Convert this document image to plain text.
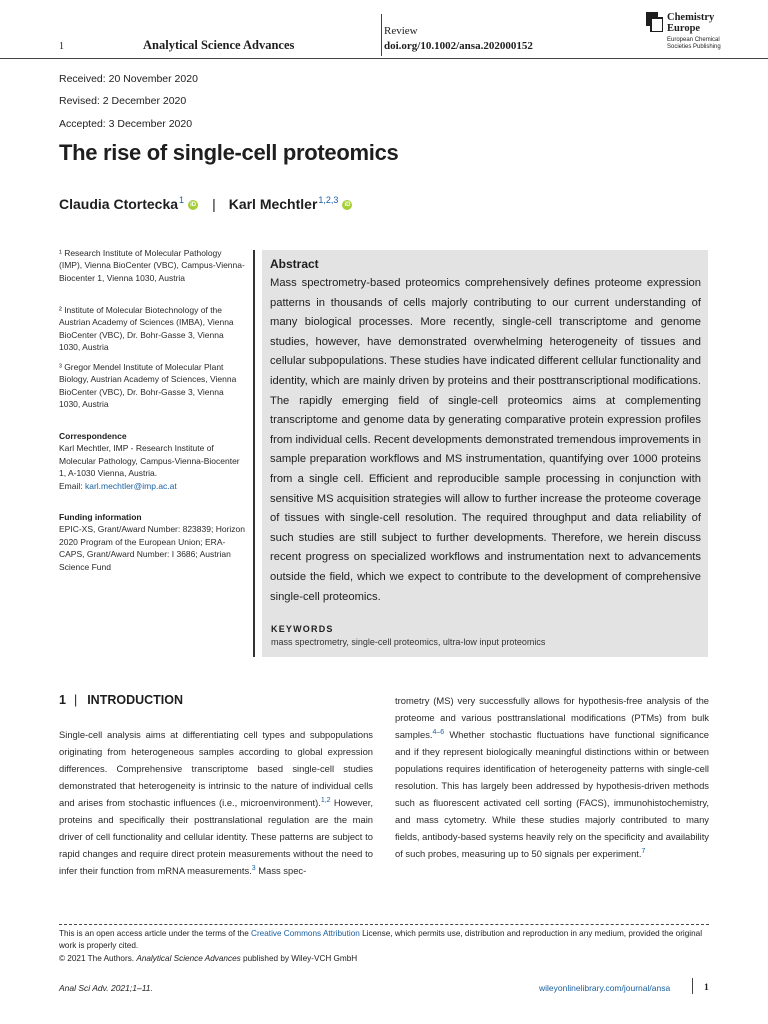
1	Analytical Science Advances
Review
doi.org/10.1002/ansa.202000152
Chemistry
Europe
European Chemical
Societies Publishing
Received: 20 November 2020
Revised: 2 December 2020
Accepted: 3 December 2020
The rise of single-cell proteomics
Claudia Ctortecka$^1$	iD | Karl Mechtler$^{1,2,3}$	iD
¹ Research Institute of Molecular Pathology (IMP), Vienna BioCenter (VBC), Campus-Vienna-Biocenter 1, Vienna 1030, Austria
² Institute of Molecular Biotechnology of the Austrian Academy of Sciences (IMBA), Vienna BioCenter (VBC), Dr. Bohr-Gasse 3, Vienna 1030, Austria
³ Gregor Mendel Institute of Molecular Plant Biology, Austrian Academy of Sciences, Vienna BioCenter (VBC), Dr. Bohr-Gasse 3, Vienna 1030, Austria
Correspondence
Karl Mechtler, IMP - Research Institute of Molecular Pathology, Campus-Vienna-Biocenter 1, A-1030 Vienna, Austria.
Email: karl.mechtler@imp.ac.at
Funding information
EPIC-XS, Grant/Award Number: 823839; Horizon 2020 Program of the European Union; ERA-CAPS, Grant/Award Number: I 3686; Austrian Science Fund
Abstract
Mass spectrometry-based proteomics comprehensively defines proteome expression patterns in thousands of cells majorly contributing to our current understanding of many biological processes. More recently, single-cell transcriptome and genome studies, however, have demonstrated overwhelming heterogeneity of tissues and cellular subpopulations. These studies have indicated different cellular functionality and identity, which are mainly driven by proteins and their posttranscriptional modifications. The rapidly emerging field of single-cell proteomics aims at complementing transcriptome and genome data by generating comparative protein expression profiles from individual cells. Recent developments demonstrated tremendous improvements in sample preparation workflows and MS instrumentation, quantifying over 1000 proteins from a single cell. Efficient and reproducible sample processing in conjunction with sensitive MS acquisition strategies will allow to further increase the proteome coverage of tissues with single-cell resolution. The required throughput and data reliability of such studies are still subject to further developments. Therefore, we herein discuss recent progress on specialized workflows and instrumentation next to advancements outside the field, which we expect to contribute to the development of comprehensive single-cell proteomics.
KEYWORDS
mass spectrometry, single-cell proteomics, ultra-low input proteomics
1 | INTRODUCTION
Single-cell analysis aims at differentiating cell types and subpopulations originating from heterogeneous samples according to global expression differences. Comprehensive transcriptome based single-cell studies demonstrated that heterogeneity is intrinsic to the nature of individual cells and arises from stochastic influences (i.e., microenvironment).$^{1,2}$ However, proteins and specifically their posttranslational regulation are the main driver of cell functionality and cellular identity. These patterns are subject to rapid changes and require direct protein measurements without the need to infer their function from mRNA measurements.$^3$ Mass spec-
trometry (MS) very successfully allows for hypothesis-free analysis of the proteome and various posttranslational modifications (PTMs) from bulk samples.$^{4-6}$ Whether stochastic fluctuations have functional significance and if they represent biologically meaningful distinctions within or between populations requires identification of heterogeneity patterns with single-cell resolution. This has largely been addressed by hypothesis-driven methods such as fluorescent activated cell sorting (FACS), immunohistochemistry, and mass cytometry. While these studies majorly contributed to many fields, antibody-based systems heavily rely on the specificity and availability of such probes, measuring up to 50 signals per experiment.$^7$
This is an open access article under the terms of the Creative Commons Attribution License, which permits use, distribution and reproduction in any medium, provided the original work is properly cited.
© 2021 The Authors. Analytical Science Advances published by Wiley-VCH GmbH
Anal Sci Adv. 2021;1–11.	wileyonlinelibrary.com/journal/ansa	1
